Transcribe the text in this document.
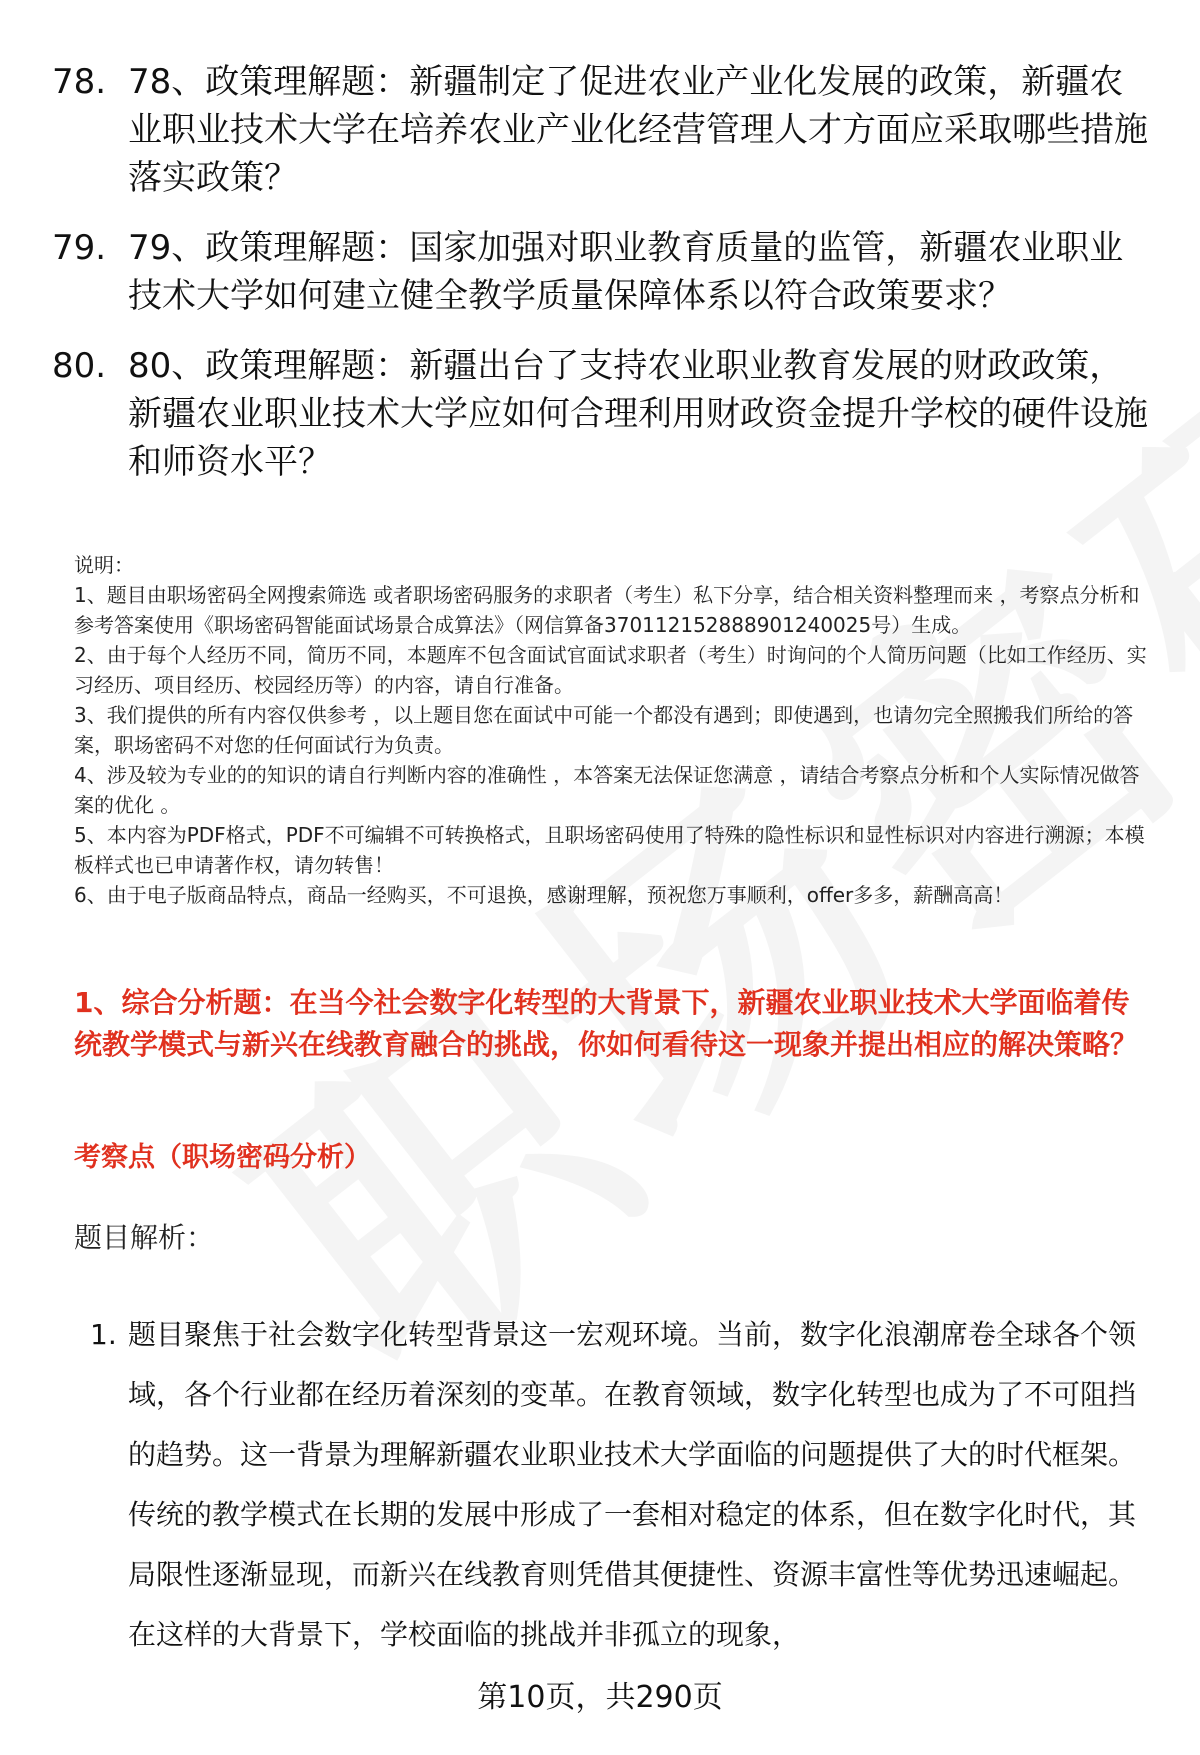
78. 78、政策理解题：新疆制定了促进农业产业化发展的政策，新疆农业职业技术大学在培养农业产业化经营管理人才方面应采取哪些措施落实政策？
79. 79、政策理解题：国家加强对职业教育质量的监管，新疆农业职业技术大学如何建立健全教学质量保障体系以符合政策要求？
80. 80、政策理解题：新疆出台了支持农业职业教育发展的财政政策，新疆农业职业技术大学应如何合理利用财政资金提升学校的硬件设施和师资水平？

说明：

1、题目由职场密码全网搜索筛选 或者职场密码服务的求职者（考生）私下分享，结合相关资料整理而来 ，考察点分析和参考答案使用《职场密码智能面试场景合成算法》（网信算备370112152888901240025号）生成。

2、由于每个人经历不同，简历不同，本题库不包含面试官面试求职者（考生）时询问的个人简历问题（比如工作经历、实习经历、项目经历、校园经历等）的内容，请自行准备。

3、我们提供的所有内容仅供参考 ，以上题目您在面试中可能一个都没有遇到；即使遇到，也请勿完全照搬我们所给的答案，职场密码不对您的任何面试行为负责。

4、涉及较为专业的的知识的请自行判断内容的准确性 ，本答案无法保证您满意 ，请结合考察点分析和个人实际情况做答案的优化 。

5、本内容为PDF格式，PDF不可编辑不可转换格式，且职场密码使用了特殊的隐性标识和显性标识对内容进行溯源；本模板样式也已申请著作权，请勿转售！

6、由于电子版商品特点，商品一经购买，不可退换，感谢理解，预祝您万事顺利，offer多多，薪酬高高！

1、综合分析题：在当今社会数字化转型的大背景下，新疆农业职业技术大学面临着传统教学模式与新兴在线教育融合的挑战，你如何看待这一现象并提出相应的解决策略？
考察点（职场密码分析）
题目解析：
1. 题目聚焦于社会数字化转型背景这一宏观环境。当前，数字化浪潮席卷全球各个领域，各个行业都在经历着深刻的变革。在教育领域，数字化转型也成为了不可阻挡的趋势。这一背景为理解新疆农业职业技术大学面临的问题提供了大的时代框架。传统的教学模式在长期的发展中形成了一套相对稳定的体系，但在数字化时代，其局限性逐渐显现，而新兴在线教育则凭借其便捷性、资源丰富性等优势迅速崛起。在这样的大背景下，学校面临的挑战并非孤立的现象，
第10页，共290页
